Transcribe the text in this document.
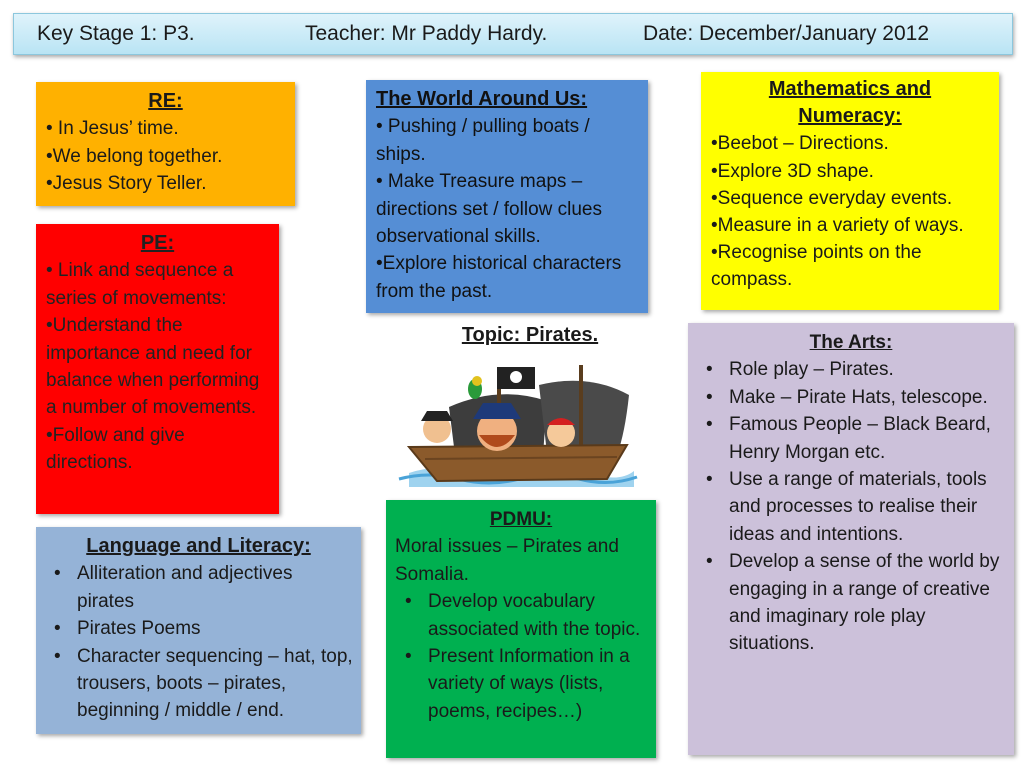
Key Stage 1: P3.	Teacher: Mr Paddy Hardy.	Date: December/January 2012
RE:
• In Jesus’ time.
•We belong together.
•Jesus Story Teller.
PE:
• Link and sequence a series of movements:
•Understand the importance and need for balance when performing a number of movements.
•Follow and give directions.
The World Around Us:
• Pushing / pulling boats / ships.
• Make Treasure maps – directions set / follow clues observational skills.
•Explore historical characters from the past.
Mathematics and Numeracy:
•Beebot – Directions.
•Explore 3D shape.
•Sequence everyday events.
•Measure in a variety of ways.
•Recognise points on the compass.
Topic: Pirates.	The Arts:
• Role play – Pirates.
• Make – Pirate Hats, telescope.
• Famous People – Black Beard, Henry Morgan etc.
• Use a range of materials, tools and processes to realise their ideas and intentions.
• Develop a sense of the world by engaging in a range of creative and imaginary role play situations.
Language and Literacy:
• Alliteration and adjectives pirates
• Pirates Poems
• Character sequencing – hat, top, trousers, boots – pirates, beginning / middle / end.
PDMU:
Moral issues – Pirates and Somalia.
• Develop vocabulary associated with the topic.
• Present Information in a variety of ways (lists, poems, recipes…)
